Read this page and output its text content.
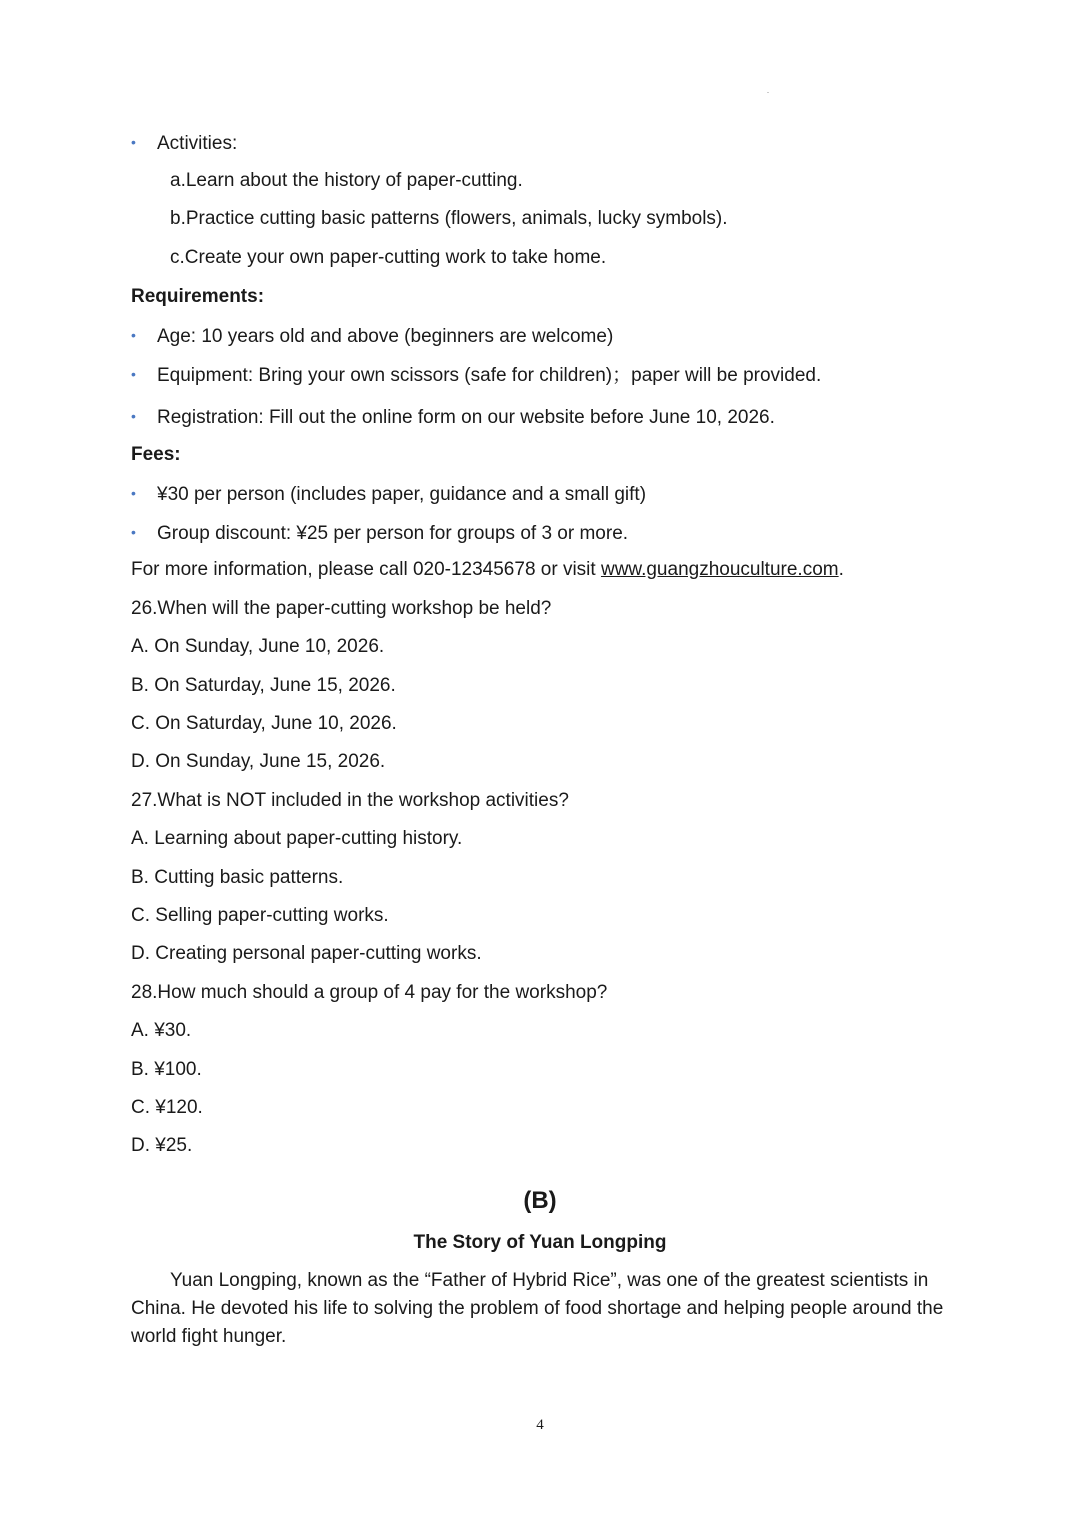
• Activities:
a.Learn about the history of paper-cutting.
b.Practice cutting basic patterns (flowers, animals, lucky symbols).
c.Create your own paper-cutting work to take home.
Requirements:
• Age: 10 years old and above (beginners are welcome)
• Equipment: Bring your own scissors (safe for children)；paper will be provided.
• Registration: Fill out the online form on our website before June 10, 2026.
Fees:
• ¥30 per person (includes paper, guidance and a small gift)
• Group discount: ¥25 per person for groups of 3 or more.
For more information, please call 020-12345678 or visit www.guangzhouculture.com.
26.When will the paper-cutting workshop be held?
A. On Sunday, June 10, 2026.
B. On Saturday, June 15, 2026.
C. On Saturday, June 10, 2026.
D. On Sunday, June 15, 2026.
27.What is NOT included in the workshop activities?
A. Learning about paper-cutting history.
B. Cutting basic patterns.
C. Selling paper-cutting works.
D. Creating personal paper-cutting works.
28.How much should a group of 4 pay for the workshop?
A. ¥30.
B. ¥100.
C. ¥120.
D. ¥25.
(B)
The Story of Yuan Longping
Yuan Longping, known as the “Father of Hybrid Rice”, was one of the greatest scientists in China. He devoted his life to solving the problem of food shortage and helping people around the world fight hunger.
4
